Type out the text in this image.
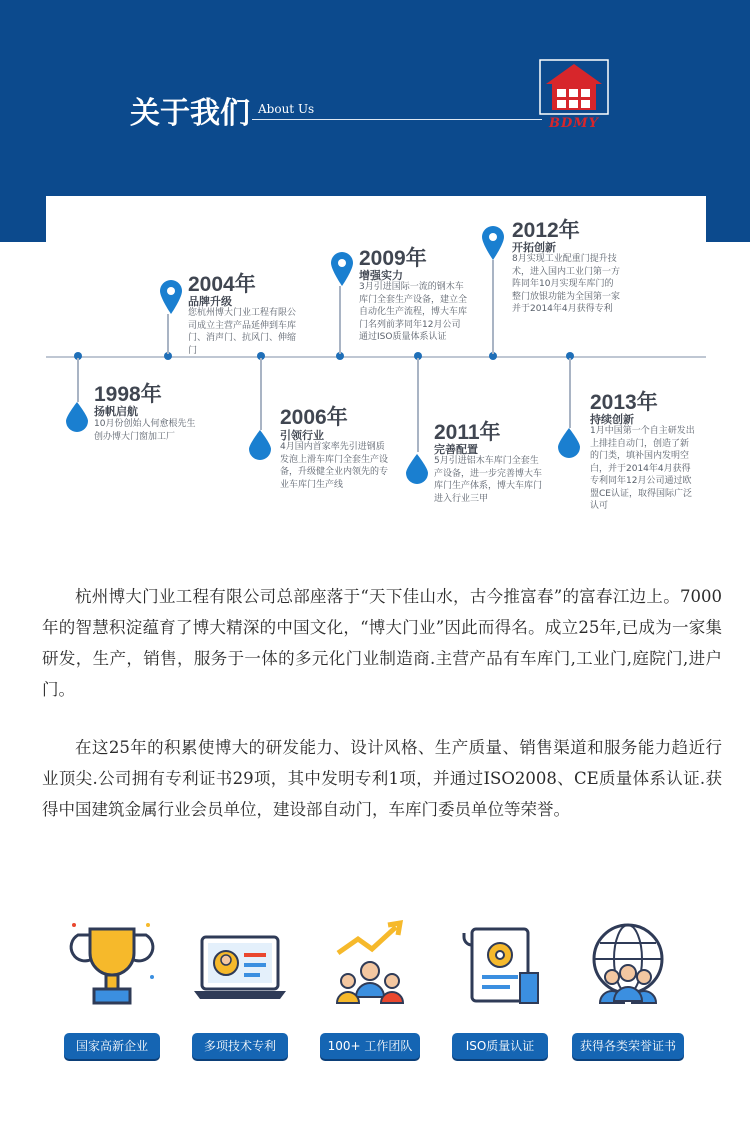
关于我们 About Us
BDMY
1998年
扬帆启航
10月份创始人何愈根先生创办博大门窗加工厂
2004年
品牌升级
您杭州博大门业工程有限公司成立主营产品延伸到车库门、消声门、抗风门、伸缩门
2006年
引领行业
4月国内首家率先引进钢质发泡上滑车库门全套生产设备，升级健全业内领先的专业车库门生产线
2009年
增强实力
3月引进国际一流的钢木车库门全套生产设备，建立全自动化生产流程，博大车库门名列前茅同年12月公司通过ISO质量体系认证
2011年
完善配置
5月引进铝木车库门全套生产设备，进一步完善博大车库门生产体系，博大车库门进入行业三甲
2012年
开拓创新
8月实现工业配重门提升技术，进入国内工业门第一方阵同年10月实现车库门的整门放银功能为全国第一家并于2014年4月获得专利
2013年
持续创新
1月中国第一个自主研发出上排挂自动门，创造了新的门类，填补国内发明空白，并于2014年4月获得专利同年12月公司通过欧盟CE认证，取得国际广泛认可
杭州博大门业工程有限公司总部座落于“天下佳山水，古今推富春”的富春江边上。7000年的智慧积淀蕴育了博大精深的中国文化，“博大门业”因此而得名。成立25年,已成为一家集研发，生产，销售，服务于一体的多元化门业制造商.主营产品有车库门,工业门,庭院门,进户门。
在这25年的积累使博大的研发能力、设计风格、生产质量、销售渠道和服务能力趋近行业顶尖.公司拥有专利证书29项，其中发明专利1项，并通过ISO2008、CE质量体系认证.获得中国建筑金属行业会员单位，建设部自动门，车库门委员单位等荣誉。
国家高新企业	多项技术专利	100+ 工作团队	ISO质量认证	获得各类荣誉证书
